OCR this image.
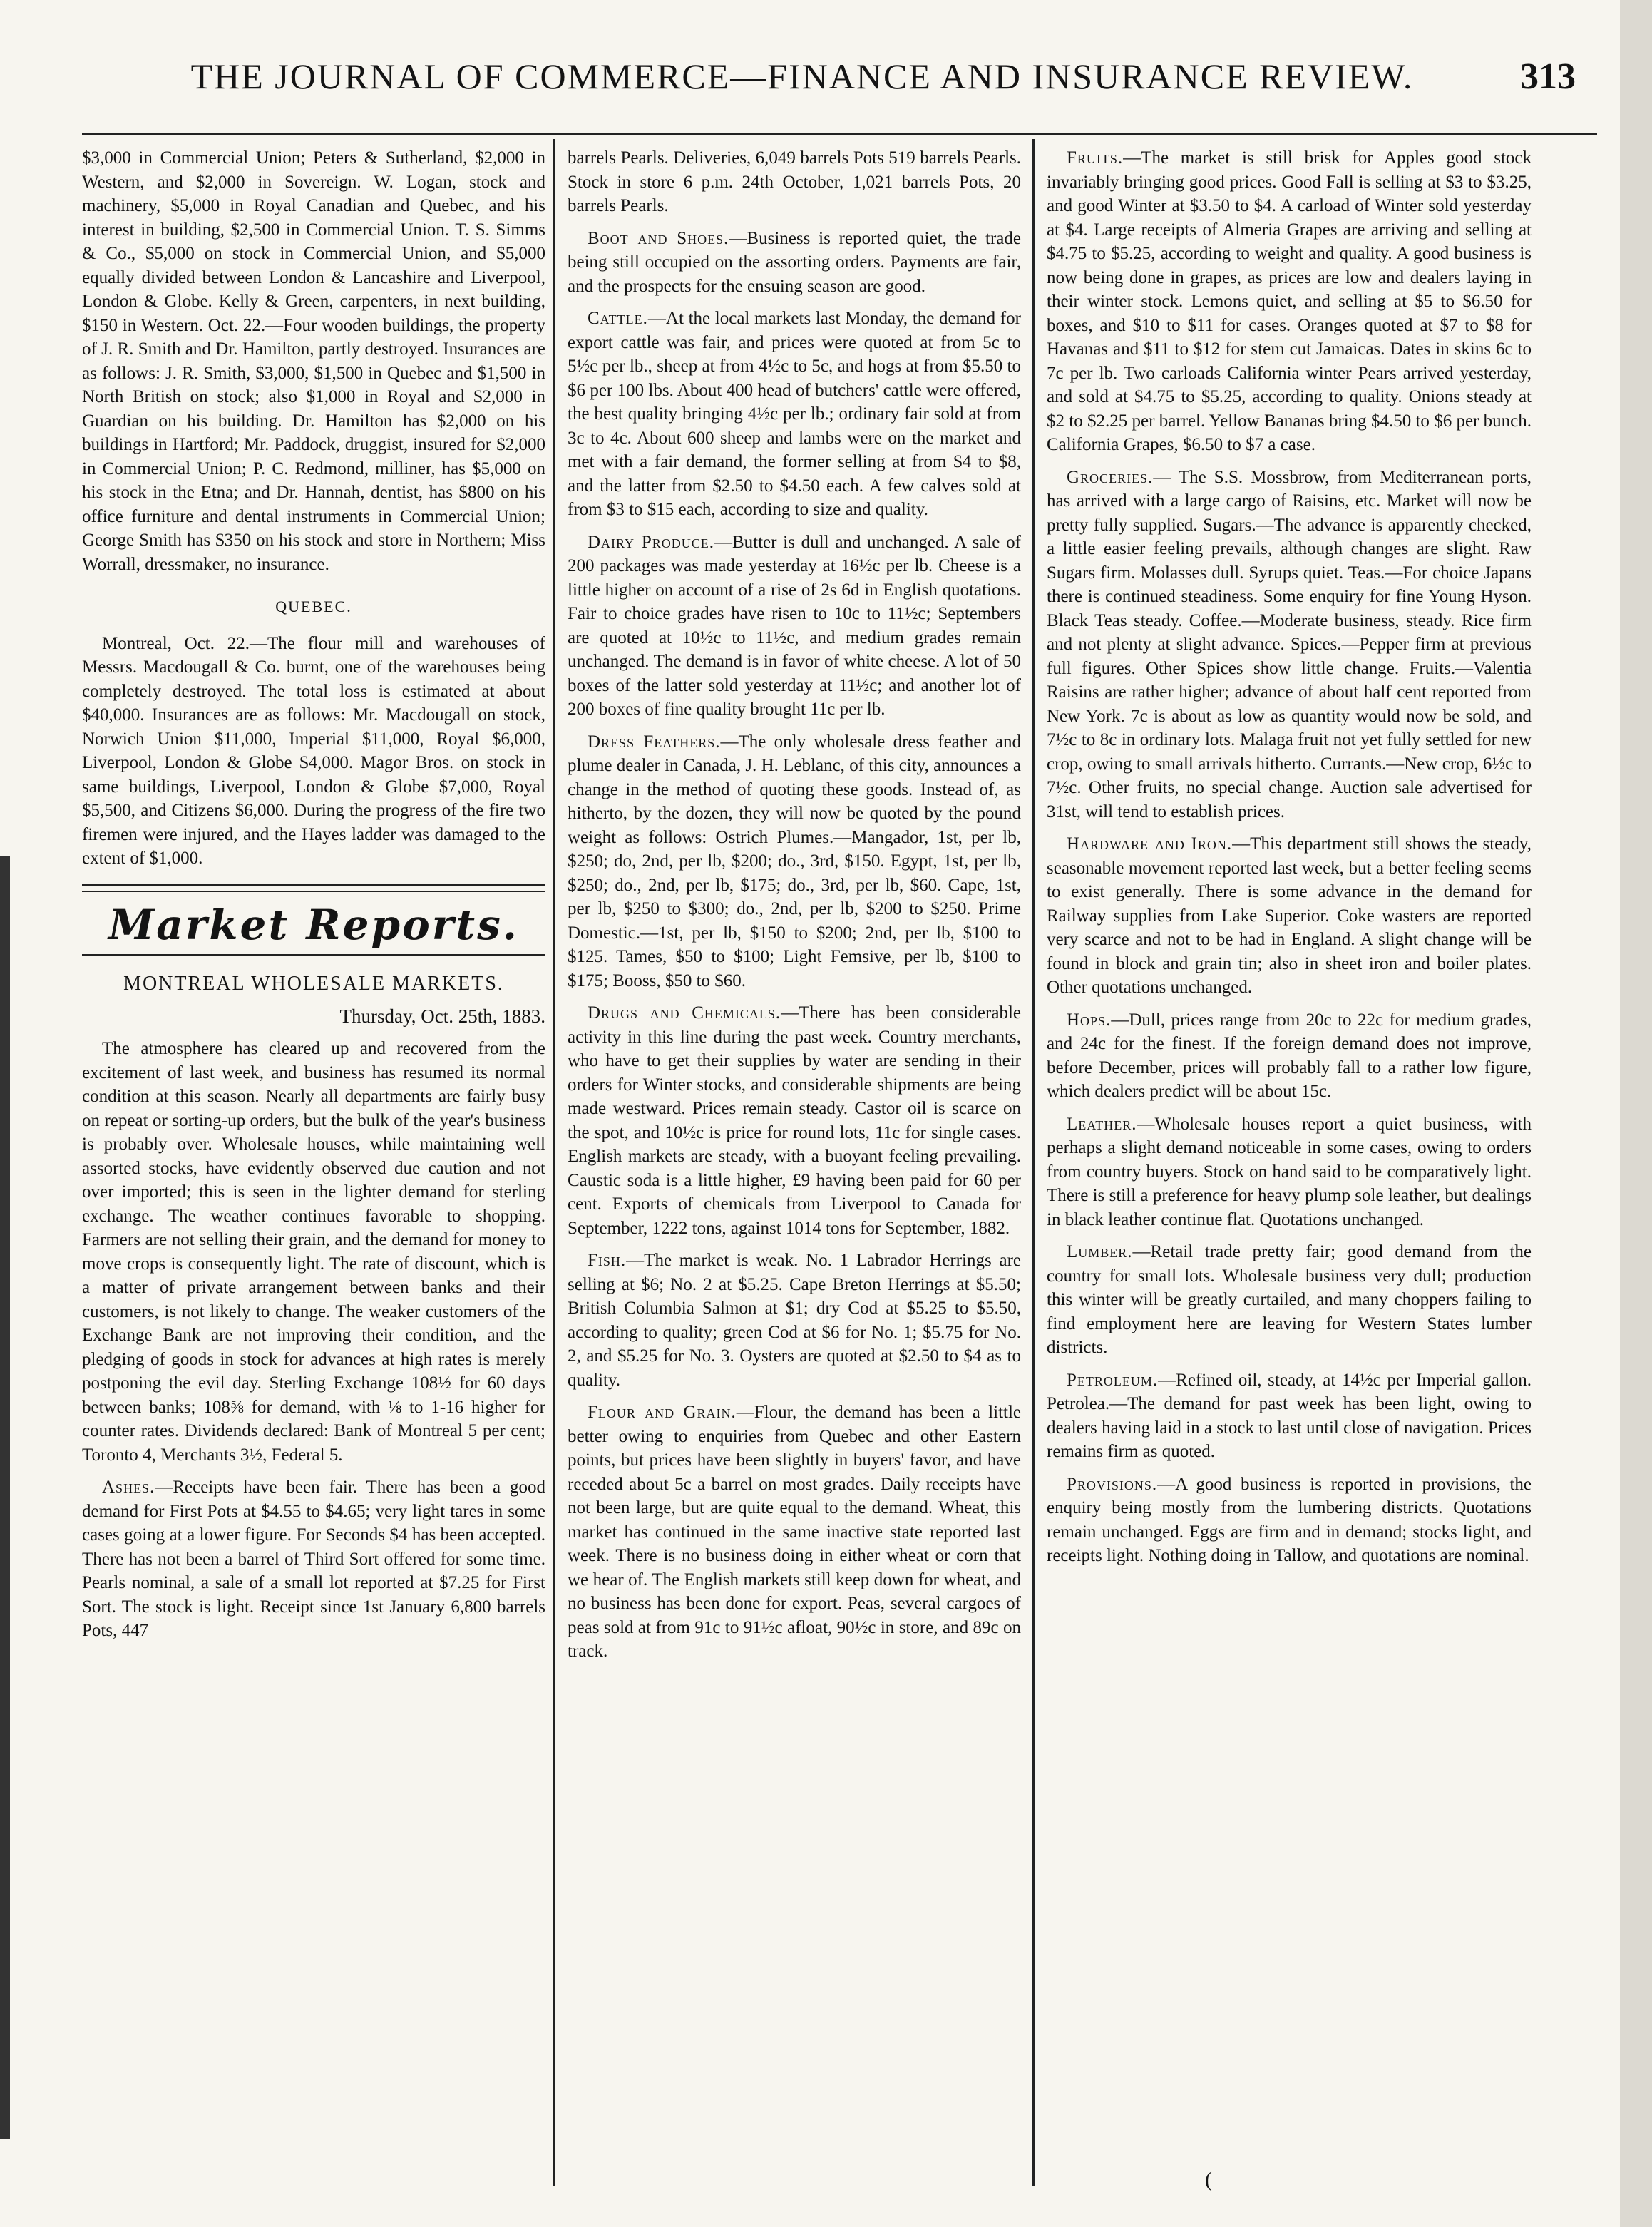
THE JOURNAL OF COMMERCE—FINANCE AND INSURANCE REVIEW.	313

$3,000 in Commercial Union; Peters & Sutherland, $2,000 in Western, and $2,000 in Sovereign. W. Logan, stock and machinery, $5,000 in Royal Canadian and Quebec, and his interest in building, $2,500 in Commercial Union. T. S. Simms & Co., $5,000 on stock in Commercial Union, and $5,000 equally divided between London & Lancashire and Liverpool, London & Globe. Kelly & Green, carpenters, in next building, $150 in Western. Oct. 22.—Four wooden buildings, the property of J. R. Smith and Dr. Hamilton, partly destroyed. Insurances are as follows: J. R. Smith, $3,000, $1,500 in Quebec and $1,500 in North British on stock; also $1,000 in Royal and $2,000 in Guardian on his building. Dr. Hamilton has $2,000 on his buildings in Hartford; Mr. Paddock, druggist, insured for $2,000 in Commercial Union; P. C. Redmond, milliner, has $5,000 on his stock in the Etna; and Dr. Hannah, dentist, has $800 on his office furniture and dental instruments in Commercial Union; George Smith has $350 on his stock and store in Northern; Miss Worrall, dressmaker, no insurance.

QUEBEC.

Montreal, Oct. 22.—The flour mill and warehouses of Messrs. Macdougall & Co. burnt, one of the warehouses being completely destroyed. The total loss is estimated at about $40,000. Insurances are as follows: Mr. Macdougall on stock, Norwich Union $11,000, Imperial $11,000, Royal $6,000, Liverpool, London & Globe $4,000. Magor Bros. on stock in same buildings, Liverpool, London & Globe $7,000, Royal $5,500, and Citizens $6,000. During the progress of the fire two firemen were injured, and the Hayes ladder was damaged to the extent of $1,000.

Market Reports.

MONTREAL WHOLESALE MARKETS.

Thursday, Oct. 25th, 1883.

The atmosphere has cleared up and recovered from the excitement of last week, and business has resumed its normal condition at this season. Nearly all departments are fairly busy on repeat or sorting-up orders, but the bulk of the year's business is probably over. Wholesale houses, while maintaining well assorted stocks, have evidently observed due caution and not over imported; this is seen in the lighter demand for sterling exchange. The weather continues favorable to shopping. Farmers are not selling their grain, and the demand for money to move crops is consequently light. The rate of discount, which is a matter of private arrangement between banks and their customers, is not likely to change. The weaker customers of the Exchange Bank are not improving their condition, and the pledging of goods in stock for advances at high rates is merely postponing the evil day. Sterling Exchange 108½ for 60 days between banks; 108⅝ for demand, with ⅛ to 1-16 higher for counter rates. Dividends declared: Bank of Montreal 5 per cent; Toronto 4, Merchants 3½, Federal 5.

Ashes.—Receipts have been fair. There has been a good demand for First Pots at $4.55 to $4.65; very light tares in some cases going at a lower figure. For Seconds $4 has been accepted. There has not been a barrel of Third Sort offered for some time. Pearls nominal, a sale of a small lot reported at $7.25 for First Sort. The stock is light. Receipt since 1st January 6,800 barrels Pots, 447

barrels Pearls. Deliveries, 6,049 barrels Pots 519 barrels Pearls. Stock in store 6 p.m. 24th October, 1,021 barrels Pots, 20 barrels Pearls.

Boot and Shoes.—Business is reported quiet, the trade being still occupied on the assorting orders. Payments are fair, and the prospects for the ensuing season are good.

Cattle.—At the local markets last Monday, the demand for export cattle was fair, and prices were quoted at from 5c to 5½c per lb., sheep at from 4½c to 5c, and hogs at from $5.50 to $6 per 100 lbs. About 400 head of butchers' cattle were offered, the best quality bringing 4½c per lb.; ordinary fair sold at from 3c to 4c. About 600 sheep and lambs were on the market and met with a fair demand, the former selling at from $4 to $8, and the latter from $2.50 to $4.50 each. A few calves sold at from $3 to $15 each, according to size and quality.

Dairy Produce.—Butter is dull and unchanged. A sale of 200 packages was made yesterday at 16½c per lb. Cheese is a little higher on account of a rise of 2s 6d in English quotations. Fair to choice grades have risen to 10c to 11½c; Septembers are quoted at 10½c to 11½c, and medium grades remain unchanged. The demand is in favor of white cheese. A lot of 50 boxes of the latter sold yesterday at 11½c; and another lot of 200 boxes of fine quality brought 11c per lb.

Dress Feathers.—The only wholesale dress feather and plume dealer in Canada, J. H. Leblanc, of this city, announces a change in the method of quoting these goods. Instead of, as hitherto, by the dozen, they will now be quoted by the pound weight as follows: Ostrich Plumes.—Mangador, 1st, per lb, $250; do, 2nd, per lb, $200; do., 3rd, $150. Egypt, 1st, per lb, $250; do., 2nd, per lb, $175; do., 3rd, per lb, $60. Cape, 1st, per lb, $250 to $300; do., 2nd, per lb, $200 to $250. Prime Domestic.—1st, per lb, $150 to $200; 2nd, per lb, $100 to $125. Tames, $50 to $100; Light Femsive, per lb, $100 to $175; Booss, $50 to $60.

Drugs and Chemicals.—There has been considerable activity in this line during the past week. Country merchants, who have to get their supplies by water are sending in their orders for Winter stocks, and considerable shipments are being made westward. Prices remain steady. Castor oil is scarce on the spot, and 10½c is price for round lots, 11c for single cases. English markets are steady, with a buoyant feeling prevailing. Caustic soda is a little higher, £9 having been paid for 60 per cent. Exports of chemicals from Liverpool to Canada for September, 1222 tons, against 1014 tons for September, 1882.

Fish.—The market is weak. No. 1 Labrador Herrings are selling at $6; No. 2 at $5.25. Cape Breton Herrings at $5.50; British Columbia Salmon at $1; dry Cod at $5.25 to $5.50, according to quality; green Cod at $6 for No. 1; $5.75 for No. 2, and $5.25 for No. 3. Oysters are quoted at $2.50 to $4 as to quality.

Flour and Grain.—Flour, the demand has been a little better owing to enquiries from Quebec and other Eastern points, but prices have been slightly in buyers' favor, and have receded about 5c a barrel on most grades. Daily receipts have not been large, but are quite equal to the demand. Wheat, this market has continued in the same inactive state reported last week. There is no business doing in either wheat or corn that we hear of. The English markets still keep down for wheat, and no business has been done for export. Peas, several cargoes of peas sold at from 91c to 91½c afloat, 90½c in store, and 89c on track.

Fruits.—The market is still brisk for Apples good stock invariably bringing good prices. Good Fall is selling at $3 to $3.25, and good Winter at $3.50 to $4. A carload of Winter sold yesterday at $4. Large receipts of Almeria Grapes are arriving and selling at $4.75 to $5.25, according to weight and quality. A good business is now being done in grapes, as prices are low and dealers laying in their winter stock. Lemons quiet, and selling at $5 to $6.50 for boxes, and $10 to $11 for cases. Oranges quoted at $7 to $8 for Havanas and $11 to $12 for stem cut Jamaicas. Dates in skins 6c to 7c per lb. Two carloads California winter Pears arrived yesterday, and sold at $4.75 to $5.25, according to quality. Onions steady at $2 to $2.25 per barrel. Yellow Bananas bring $4.50 to $6 per bunch. California Grapes, $6.50 to $7 a case.

Groceries.— The S.S. Mossbrow, from Mediterranean ports, has arrived with a large cargo of Raisins, etc. Market will now be pretty fully supplied. Sugars.—The advance is apparently checked, a little easier feeling prevails, although changes are slight. Raw Sugars firm. Molasses dull. Syrups quiet. Teas.—For choice Japans there is continued steadiness. Some enquiry for fine Young Hyson. Black Teas steady. Coffee.—Moderate business, steady. Rice firm and not plenty at slight advance. Spices.—Pepper firm at previous full figures. Other Spices show little change. Fruits.—Valentia Raisins are rather higher; advance of about half cent reported from New York. 7c is about as low as quantity would now be sold, and 7½c to 8c in ordinary lots. Malaga fruit not yet fully settled for new crop, owing to small arrivals hitherto. Currants.—New crop, 6½c to 7½c. Other fruits, no special change. Auction sale advertised for 31st, will tend to establish prices.

Hardware and Iron.—This department still shows the steady, seasonable movement reported last week, but a better feeling seems to exist generally. There is some advance in the demand for Railway supplies from Lake Superior. Coke wasters are reported very scarce and not to be had in England. A slight change will be found in block and grain tin; also in sheet iron and boiler plates. Other quotations unchanged.

Hops.—Dull, prices range from 20c to 22c for medium grades, and 24c for the finest. If the foreign demand does not improve, before December, prices will probably fall to a rather low figure, which dealers predict will be about 15c.

Leather.—Wholesale houses report a quiet business, with perhaps a slight demand noticeable in some cases, owing to orders from country buyers. Stock on hand said to be comparatively light. There is still a preference for heavy plump sole leather, but dealings in black leather continue flat. Quotations unchanged.

Lumber.—Retail trade pretty fair; good demand from the country for small lots. Wholesale business very dull; production this winter will be greatly curtailed, and many choppers failing to find employment here are leaving for Western States lumber districts.

Petroleum.—Refined oil, steady, at 14½c per Imperial gallon. Petrolea.—The demand for past week has been light, owing to dealers having laid in a stock to last until close of navigation. Prices remains firm as quoted.

Provisions.—A good business is reported in provisions, the enquiry being mostly from the lumbering districts. Quotations remain unchanged. Eggs are firm and in demand; stocks light, and receipts light. Nothing doing in Tallow, and quotations are nominal.

(
